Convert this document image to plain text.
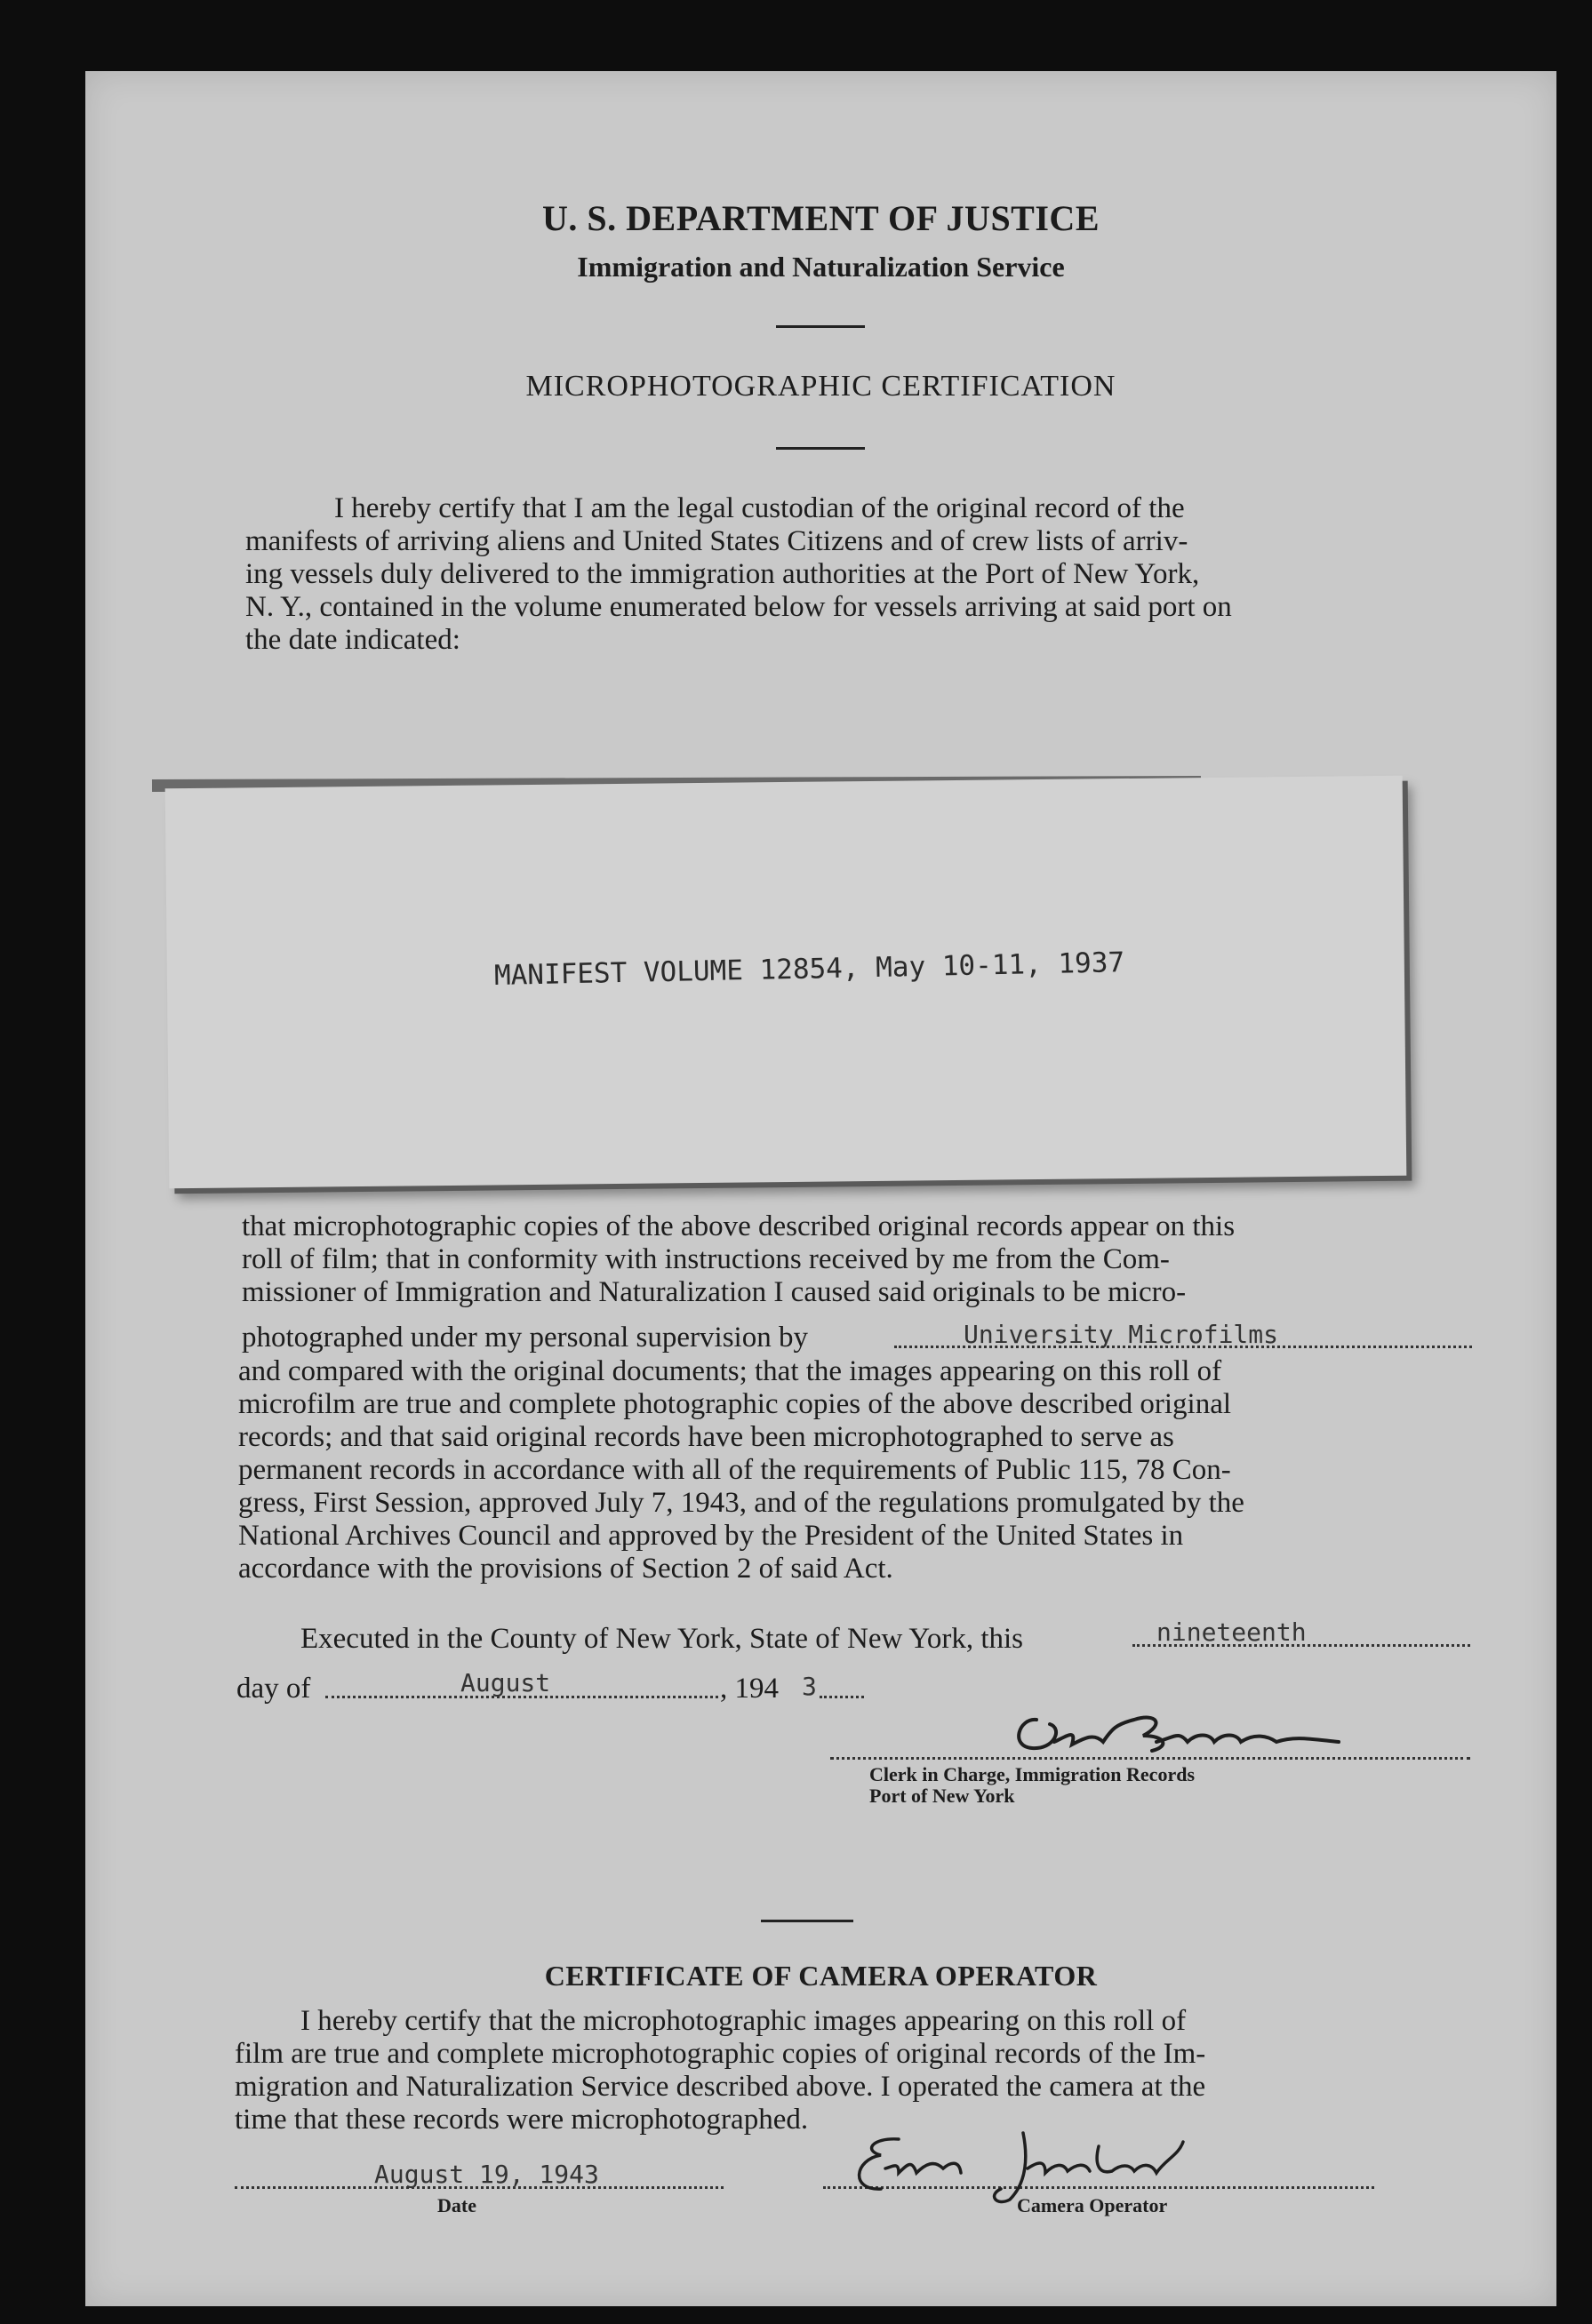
U. S. DEPARTMENT OF JUSTICE
Immigration and Naturalization Service
MICROPHOTOGRAPHIC CERTIFICATION
I hereby certify that I am the legal custodian of the original record of the
manifests of arriving aliens and United States Citizens and of crew lists of arriv-
ing vessels duly delivered to the immigration authorities at the Port of New York,
N. Y., contained in the volume enumerated below for vessels arriving at said port on
the date indicated:
MANIFEST VOLUME 12854, May 10-11, 1937
that microphotographic copies of the above described original records appear on this
roll of film; that in conformity with instructions received by me from the Com-
missioner of Immigration and Naturalization I caused said originals to be micro-
photographed under my personal supervision by	University Microfilms
and compared with the original documents; that the images appearing on this roll of
microfilm are true and complete photographic copies of the above described original
records; and that said original records have been microphotographed to serve as
permanent records in accordance with all of the requirements of Public 115, 78 Con-
gress, First Session, approved July 7, 1943, and of the regulations promulgated by the
National Archives Council and approved by the President of the United States in
accordance with the provisions of Section 2 of said Act.
Executed in the County of New York, State of New York, this	nineteenth
day of	August	, 194 3
Clerk in Charge, Immigration Records
Port of New York
CERTIFICATE OF CAMERA OPERATOR
I hereby certify that the microphotographic images appearing on this roll of
film are true and complete microphotographic copies of original records of the Im-
migration and Naturalization Service described above. I operated the camera at the
time that these records were microphotographed.
August 19, 1943
Date	Camera Operator
